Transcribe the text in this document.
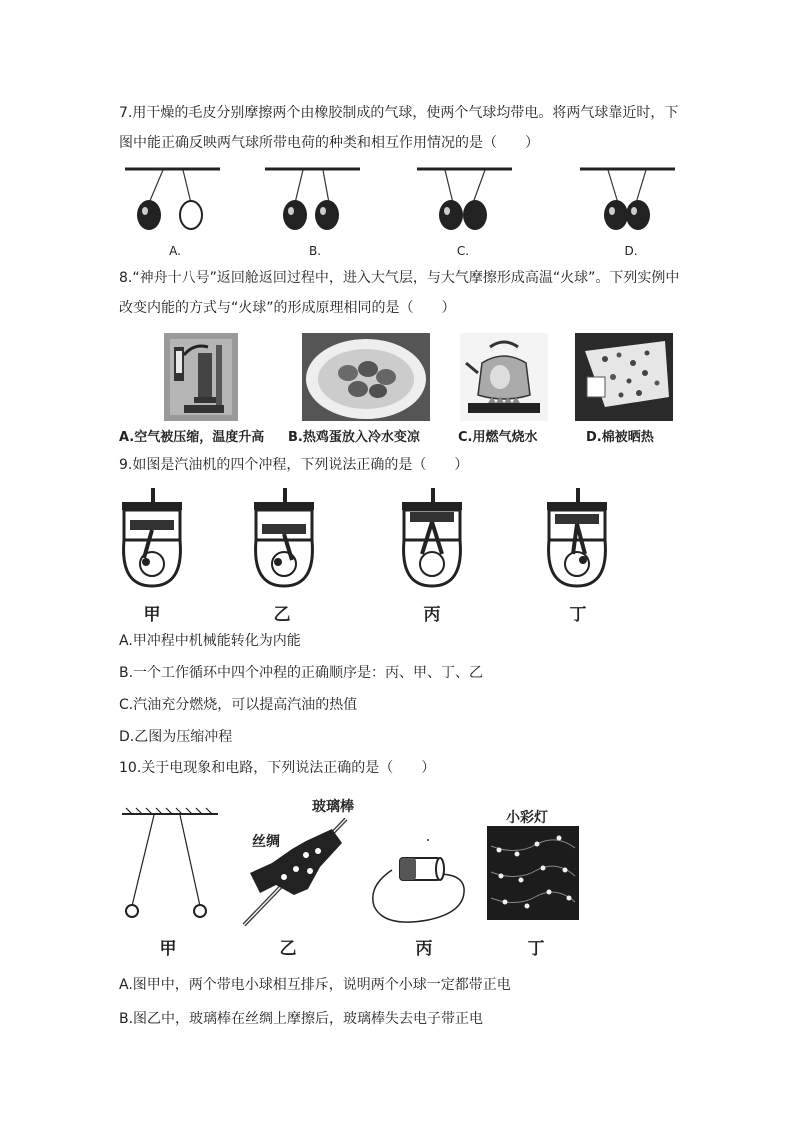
7.用干燥的毛皮分别摩擦两个由橡胶制成的气球，使两个气球均带电。将两气球靠近时，下
图中能正确反映两气球所带电荷的种类和相互作用情况的是（　　）
A.	B.	C.	D.
8.“神舟十八号”返回舱返回过程中，进入大气层，与大气摩擦形成高温“火球”。下列实例中
改变内能的方式与“火球”的形成原理相同的是（　　）
A.空气被压缩，温度升高 B.热鸡蛋放入冷水变凉	C.用燃气烧水	D.棉被晒热
9.如图是汽油机的四个冲程，下列说法正确的是（　　）
甲	乙	丙	丁
A.甲冲程中机械能转化为内能
B.一个工作循环中四个冲程的正确顺序是：丙、甲、丁、乙
C.汽油充分燃烧，可以提高汽油的热值
D.乙图为压缩冲程
10.关于电现象和电路，下列说法正确的是（　　）
玻璃棒
丝绸
小彩灯
甲	乙	丙	丁
A.图甲中，两个带电小球相互排斥，说明两个小球一定都带正电
B.图乙中，玻璃棒在丝绸上摩擦后，玻璃棒失去电子带正电
